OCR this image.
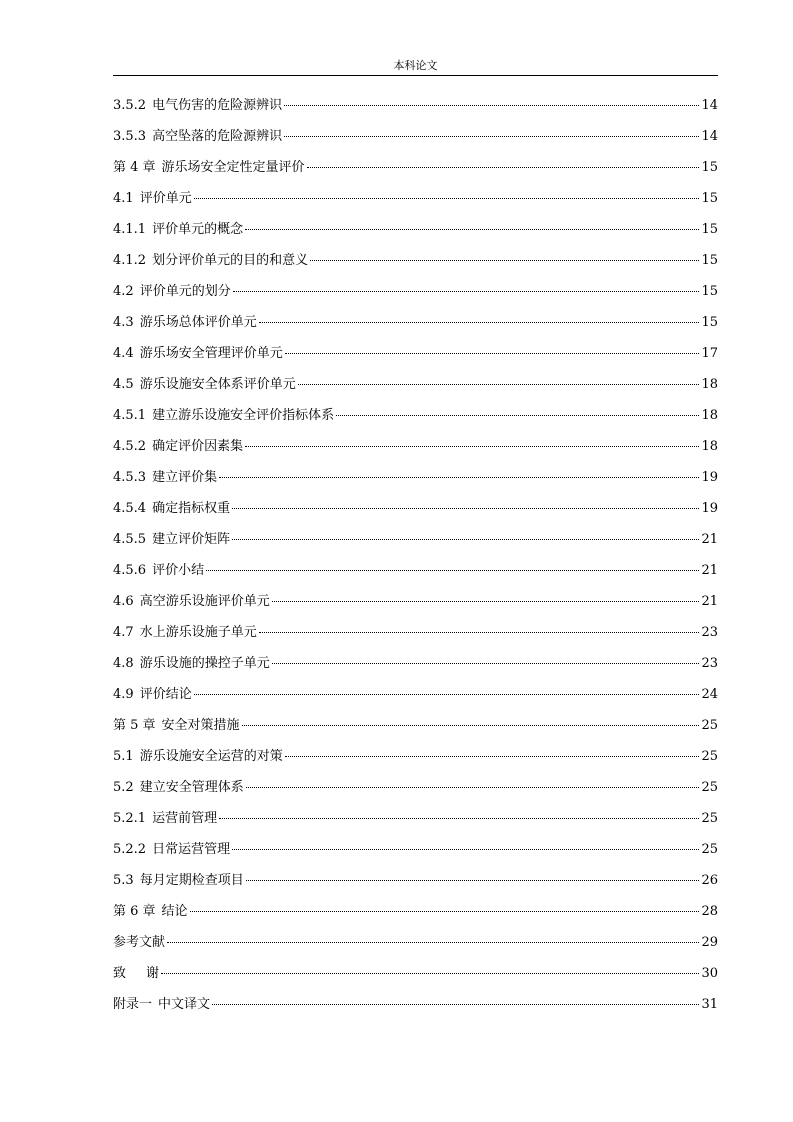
本科论文
3.5.2 电气伤害的危险源辨识	14
3.5.3 高空坠落的危险源辨识	14
第 4 章 游乐场安全定性定量评价	15
4.1 评价单元	15
4.1.1 评价单元的概念	15
4.1.2 划分评价单元的目的和意义	15
4.2 评价单元的划分	15
4.3 游乐场总体评价单元	15
4.4 游乐场安全管理评价单元	17
4.5 游乐设施安全体系评价单元	18
4.5.1 建立游乐设施安全评价指标体系	18
4.5.2 确定评价因素集	18
4.5.3 建立评价集	19
4.5.4 确定指标权重	19
4.5.5 建立评价矩阵	21
4.5.6 评价小结	21
4.6 高空游乐设施评价单元	21
4.7 水上游乐设施子单元	23
4.8 游乐设施的操控子单元	23
4.9 评价结论	24
第 5 章 安全对策措施	25
5.1 游乐设施安全运营的对策	25
5.2 建立安全管理体系	25
5.2.1 运营前管理	25
5.2.2 日常运营管理	25
5.3 每月定期检查项目	26
第 6 章 结论	28
参考文献	29
致 谢	30
附录一 中文译文	31
